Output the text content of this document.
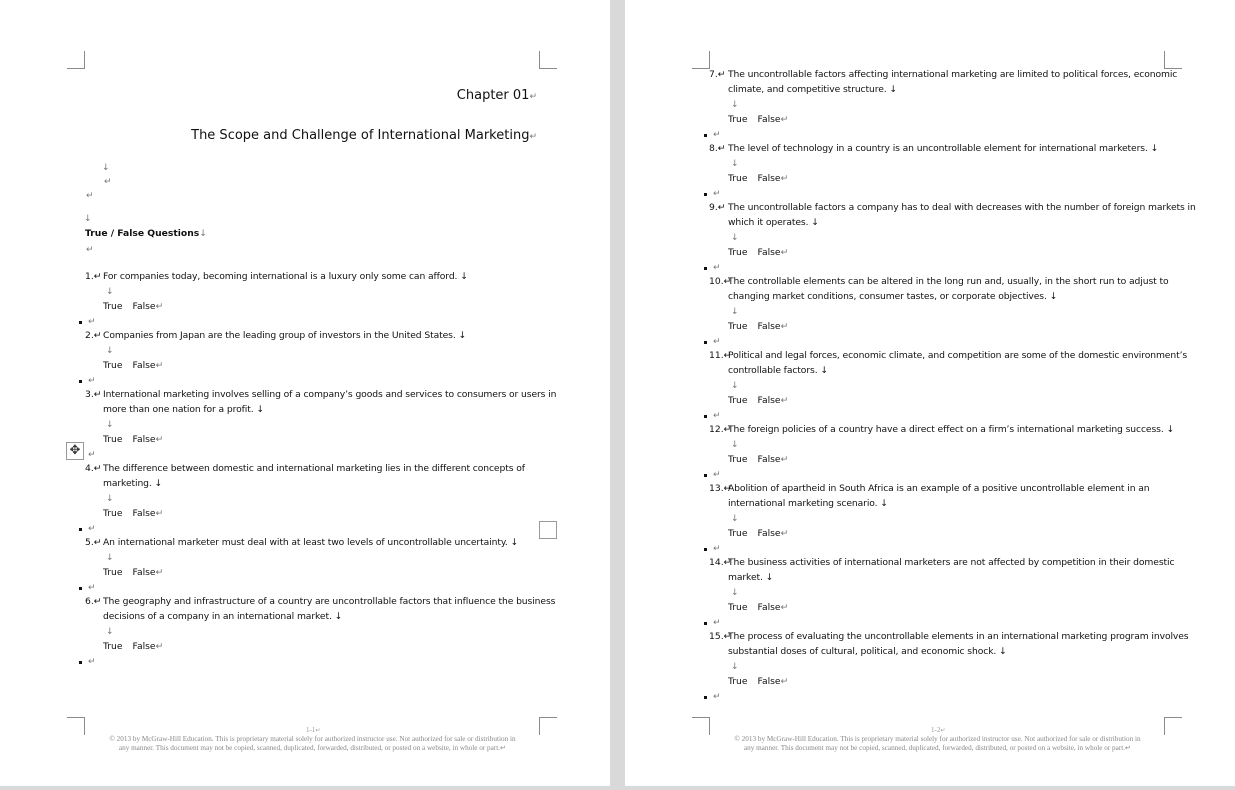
Chapter 01↵
The Scope and Challenge of International Marketing↵
↓
↵
↵
↓
True / False Questions↓
↵
1.↵ For companies today, becoming international is a luxury only some can afford. ↓
↓
True False↵
↵
2.↵ Companies from Japan are the leading group of investors in the United States. ↓
↓
True False↵
↵
3.↵ International marketing involves selling of a company’s goods and services to consumers or users in
more than one nation for a profit. ↓
↓
True False↵
↵
4.↵ The difference between domestic and international marketing lies in the different concepts of
marketing. ↓
↓
True False↵
↵
5.↵ An international marketer must deal with at least two levels of uncontrollable uncertainty. ↓
↓
True False↵
↵
6.↵ The geography and infrastructure of a country are uncontrollable factors that influence the business
decisions of a company in an international market. ↓
↓
True False↵
↵
✥
1-1↵
© 2013 by McGraw-Hill Education. This is proprietary material solely for authorized instructor use. Not authorized for sale or distribution in
any manner. This document may not be copied, scanned, duplicated, forwarded, distributed, or posted on a website, in whole or part.↵
7.↵ The uncontrollable factors affecting international marketing are limited to political forces, economic
climate, and competitive structure. ↓
↓
True False↵
↵
8.↵ The level of technology in a country is an uncontrollable element for international marketers. ↓
↓
True False↵
↵
9.↵ The uncontrollable factors a company has to deal with decreases with the number of foreign markets in
which it operates. ↓
↓
True False↵
↵
10.↵
The controllable elements can be altered in the long run and, usually, in the short run to adjust to
changing market conditions, consumer tastes, or corporate objectives. ↓
↓
True False↵
↵
11.↵
Political and legal forces, economic climate, and competition are some of the domestic environment’s
controllable factors. ↓
↓
True False↵
↵
12.↵
The foreign policies of a country have a direct effect on a firm’s international marketing success. ↓
↓
True False↵
↵
13.↵
Abolition of apartheid in South Africa is an example of a positive uncontrollable element in an
international marketing scenario. ↓
↓
True False↵
↵
14.↵
The business activities of international marketers are not affected by competition in their domestic
market. ↓
↓
True False↵
↵
15.↵
The process of evaluating the uncontrollable elements in an international marketing program involves
substantial doses of cultural, political, and economic shock. ↓
↓
True False↵
↵
1-2↵
© 2013 by McGraw-Hill Education. This is proprietary material solely for authorized instructor use. Not authorized for sale or distribution in
any manner. This document may not be copied, scanned, duplicated, forwarded, distributed, or posted on a website, in whole or part.↵
